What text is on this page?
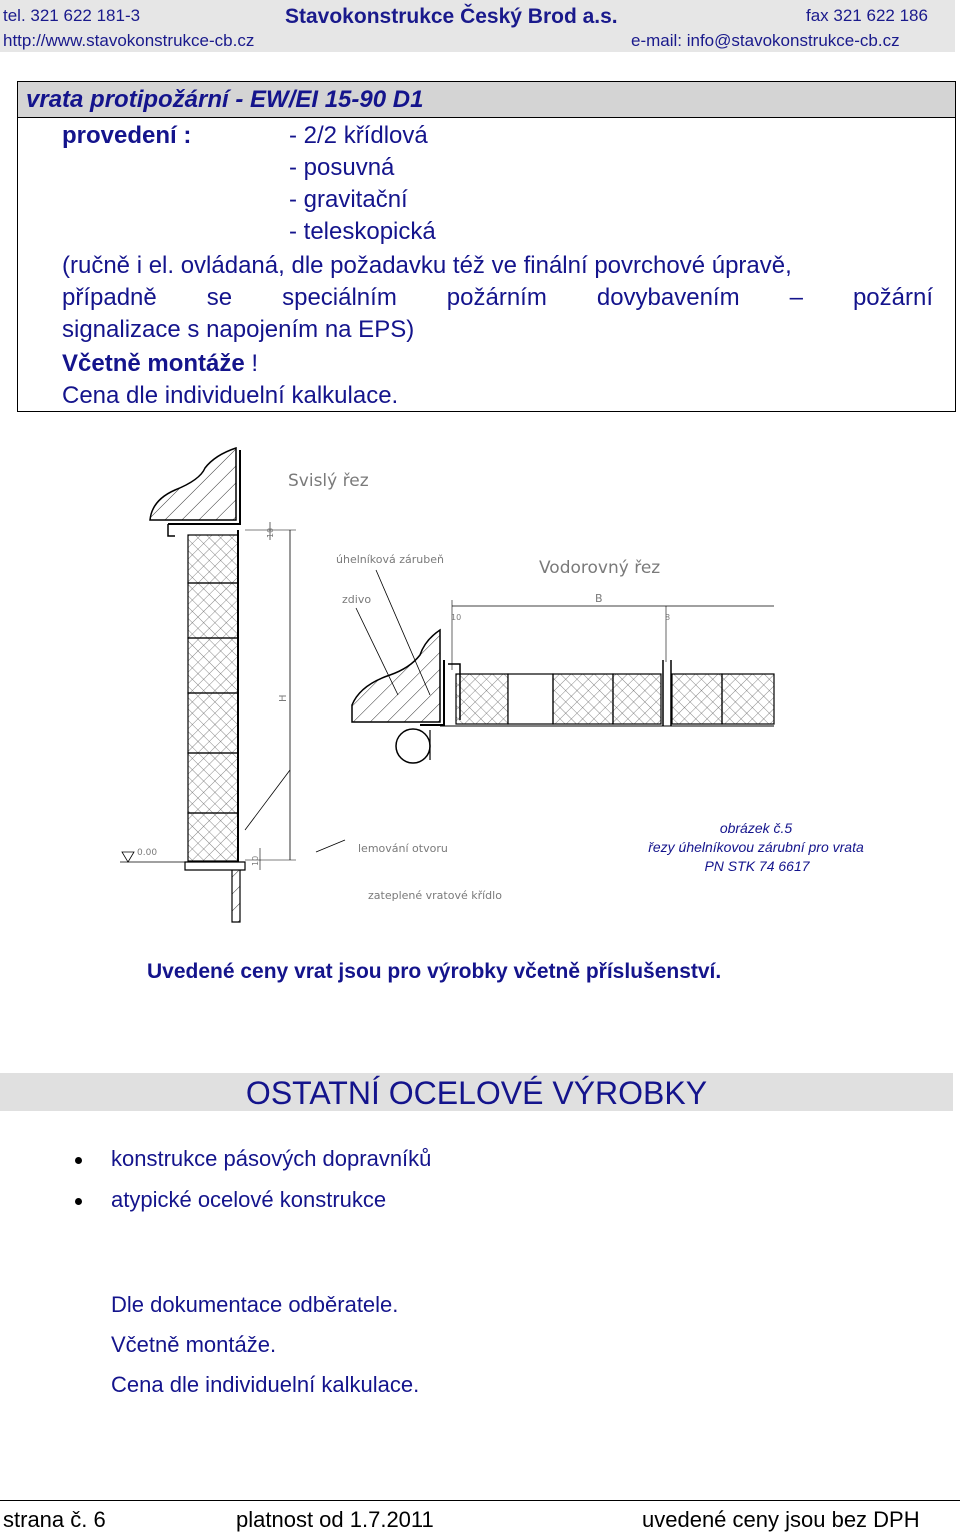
tel. 321 622 181-3	Stavokonstrukce Český Brod a.s.	fax 321 622 186
http://www.stavokonstrukce-cb.cz	e-mail: info@stavokonstrukce-cb.cz
vrata protipožární - EW/EI 15-90 D1
provedení :	- 2/2 křídlová
- posuvná
- gravitační
- teleskopická
(ručně i el. ovládaná, dle požadavku též ve finální povrchové úpravě,
případně se speciálním požárním dovybavením – požární
signalizace s napojením na EPS)
Včetně montáže !
Cena dle individuelní kalkulace.
Svislý řez
Vodorovný řez
úhelníková zárubeň
zdivo	B
10
10	8
H
0.00
10
lemování otvoru
zateplené vratové křídlo
obrázek č.5
řezy úhelníkovou zárubní pro vrata
PN STK 74 6617
Uvedené ceny vrat jsou pro výrobky včetně příslušenství.
OSTATNÍ OCELOVÉ VÝROBKY
konstrukce pásových dopravníků
atypické ocelové konstrukce
Dle dokumentace odběratele.
Včetně montáže.
Cena dle individuelní kalkulace.
strana č. 6	platnost od 1.7.2011	uvedené ceny jsou bez DPH
